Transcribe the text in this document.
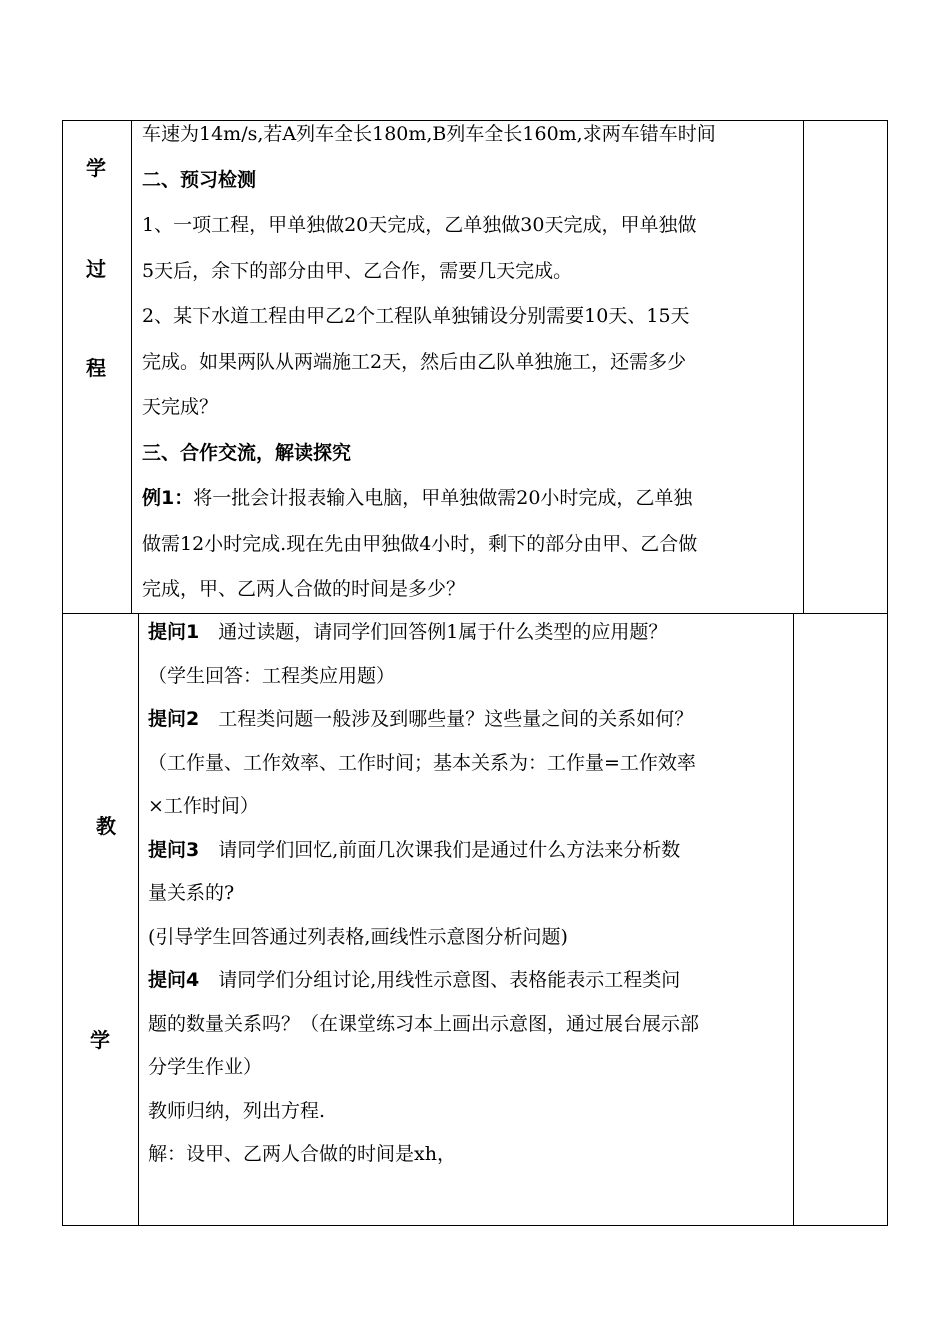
学
过
程

车速为14m/s,若A列车全长180m,B列车全长160m,求两车错车时间

二、预习检测

1、一项工程，甲单独做20天完成，乙单独做30天完成，甲单独做

5天后，余下的部分由甲、乙合作，需要几天完成。

2、某下水道工程由甲乙2个工程队单独铺设分别需要10天、15天

完成。如果两队从两端施工2天，然后由乙队单独施工，还需多少

天完成？

三、合作交流，解读探究

例1：将一批会计报表输入电脑，甲单独做需20小时完成，乙单独

做需12小时完成.现在先由甲独做4小时，剩下的部分由甲、乙合做

完成，甲、乙两人合做的时间是多少？

教
学

提问1　通过读题，请同学们回答例1属于什么类型的应用题？

（学生回答：工程类应用题）

提问2　工程类问题一般涉及到哪些量？这些量之间的关系如何？

（工作量、工作效率、工作时间；基本关系为：工作量=工作效率

×工作时间）

提问3　请同学们回忆,前面几次课我们是通过什么方法来分析数

量关系的?

(引导学生回答通过列表格,画线性示意图分析问题)

提问4　请同学们分组讨论,用线性示意图、表格能表示工程类问

题的数量关系吗？（在课堂练习本上画出示意图，通过展台展示部

分学生作业）

教师归纳，列出方程.

解：设甲、乙两人合做的时间是xh，
